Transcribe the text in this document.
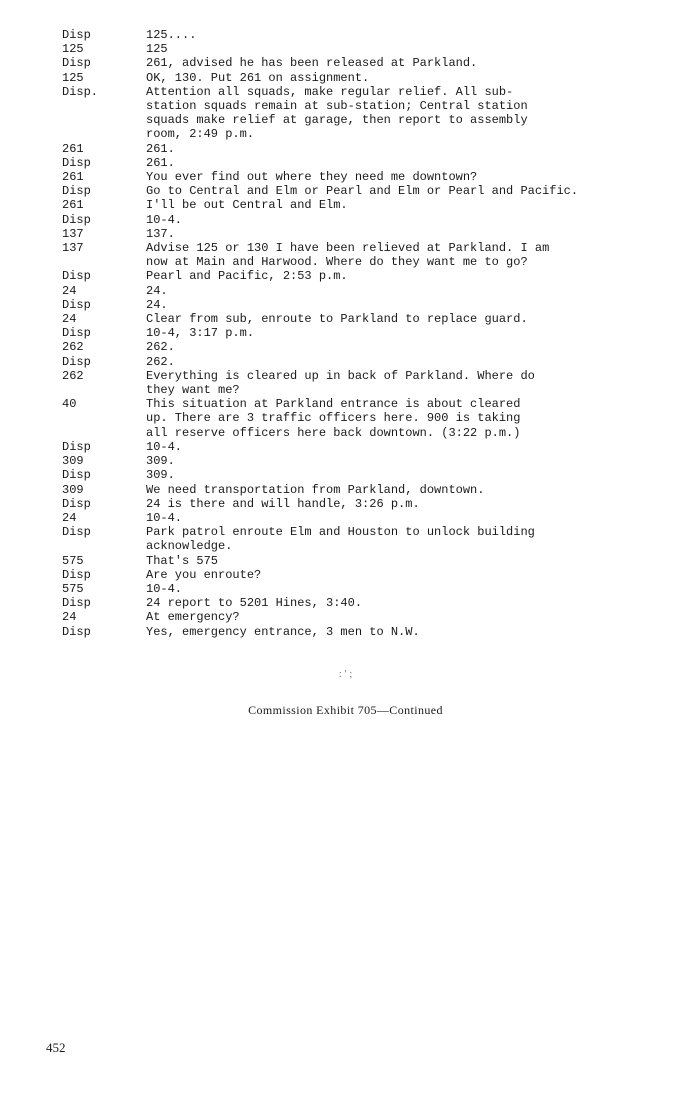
Disp	125....
125	125
Disp	261, advised he has been released at Parkland.
125	OK, 130. Put 261 on assignment.
Disp.	Attention all squads, make regular relief. All sub-
station squads remain at sub-station; Central station
squads make relief at garage, then report to assembly
room, 2:49 p.m.
261	261.
Disp	261.
261	You ever find out where they need me downtown?
Disp	Go to Central and Elm or Pearl and Elm or Pearl and Pacific.
261	I'll be out Central and Elm.
Disp	10-4.
137	137.
137	Advise 125 or 130 I have been relieved at Parkland. I am
now at Main and Harwood. Where do they want me to go?
Disp	Pearl and Pacific, 2:53 p.m.
24	24.
Disp	24.
24	Clear from sub, enroute to Parkland to replace guard.
Disp	10-4, 3:17 p.m.
262	262.
Disp	262.
262	Everything is cleared up in back of Parkland. Where do
they want me?
40	This situation at Parkland entrance is about cleared
up. There are 3 traffic officers here. 900 is taking
all reserve officers here back downtown. (3:22 p.m.)
Disp	10-4.
309	309.
Disp	309.
309	We need transportation from Parkland, downtown.
Disp	24 is there and will handle, 3:26 p.m.
24	10-4.
Disp	Park patrol enroute Elm and Houston to unlock building
acknowledge.
575	That's 575
Disp	Are you enroute?
575	10-4.
Disp	24 report to 5201 Hines, 3:40.
24	At emergency?
Disp	Yes, emergency entrance, 3 men to N.W.
: ' ;
Commission Exhibit 705—Continued
452
